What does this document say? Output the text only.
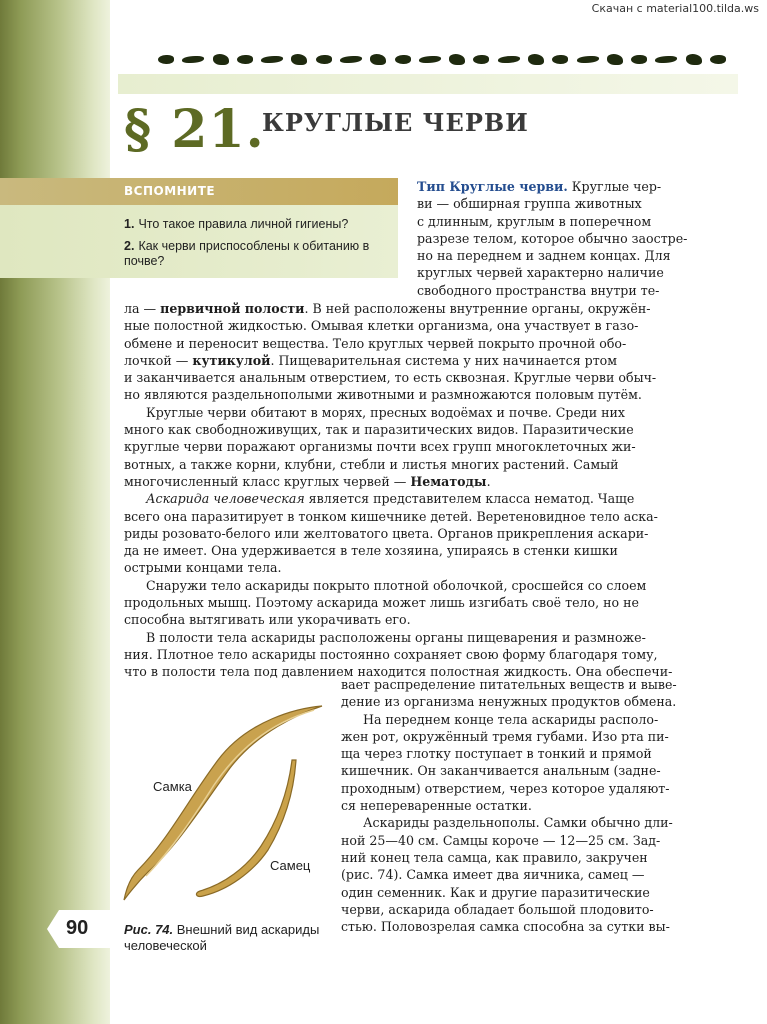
Скачан с material100.tilda.ws
§ 21.
КРУГЛЫЕ ЧЕРВИ
ВСПОМНИТЕ
1. Что такое правила личной гигиены?
2. Как черви приспособлены к обитанию в почве?
Тип Круглые черви. Круглые чер-
ви — обширная группа животных
с длинным, круглым в поперечном
разрезе телом, которое обычно заостре-
но на переднем и заднем концах. Для
круглых червей характерно наличие
свободного пространства внутри те-
ла — первичной полости. В ней расположены внутренние органы, окружён-
ные полостной жидкостью. Омывая клетки организма, она участвует в газо-
обмене и переносит вещества. Тело круглых червей покрыто прочной обо-
лочкой — кутикулой. Пищеварительная система у них начинается ртом
и заканчивается анальным отверстием, то есть сквозная. Круглые черви обыч-
но являются раздельнополыми животными и размножаются половым путём.
Круглые черви обитают в морях, пресных водоёмах и почве. Среди них
много как свободноживущих, так и паразитических видов. Паразитические
круглые черви поражают организмы почти всех групп многоклеточных жи-
вотных, а также корни, клубни, стебли и листья многих растений. Самый
многочисленный класс круглых червей — Нематоды.
Аскарида человеческая является представителем класса нематод. Чаще
всего она паразитирует в тонком кишечнике детей. Веретеновидное тело аска-
риды розовато-белого или желтоватого цвета. Органов прикрепления аскари-
да не имеет. Она удерживается в теле хозяина, упираясь в стенки кишки
острыми концами тела.
Снаружи тело аскариды покрыто плотной оболочкой, сросшейся со слоем
продольных мышц. Поэтому аскарида может лишь изгибать своё тело, но не
способна вытягивать или укорачивать его.
В полости тела аскариды расположены органы пищеварения и размноже-
ния. Плотное тело аскариды постоянно сохраняет свою форму благодаря тому,
что в полости тела под давлением находится полостная жидкость. Она обеспечи-
вает распределение питательных веществ и выве-
дение из организма ненужных продуктов обмена.
На переднем конце тела аскариды располо-
жен рот, окружённый тремя губами. Изо рта пи-
ща через глотку поступает в тонкий и прямой
кишечник. Он заканчивается анальным (задне-
проходным) отверстием, через которое удаляют-
ся непереваренные остатки.
Аскариды раздельнополы. Самки обычно дли-
ной 25—40 см. Самцы короче — 12—25 см. Зад-
ний конец тела самца, как правило, закручен
(рис. 74). Самка имеет два яичника, самец —
один семенник. Как и другие паразитические
черви, аскарида обладает большой плодовито-
стью. Половозрелая самка способна за сутки вы-
Самка
Самец
90	Рис. 74. Внешний вид аскариды человеческой
